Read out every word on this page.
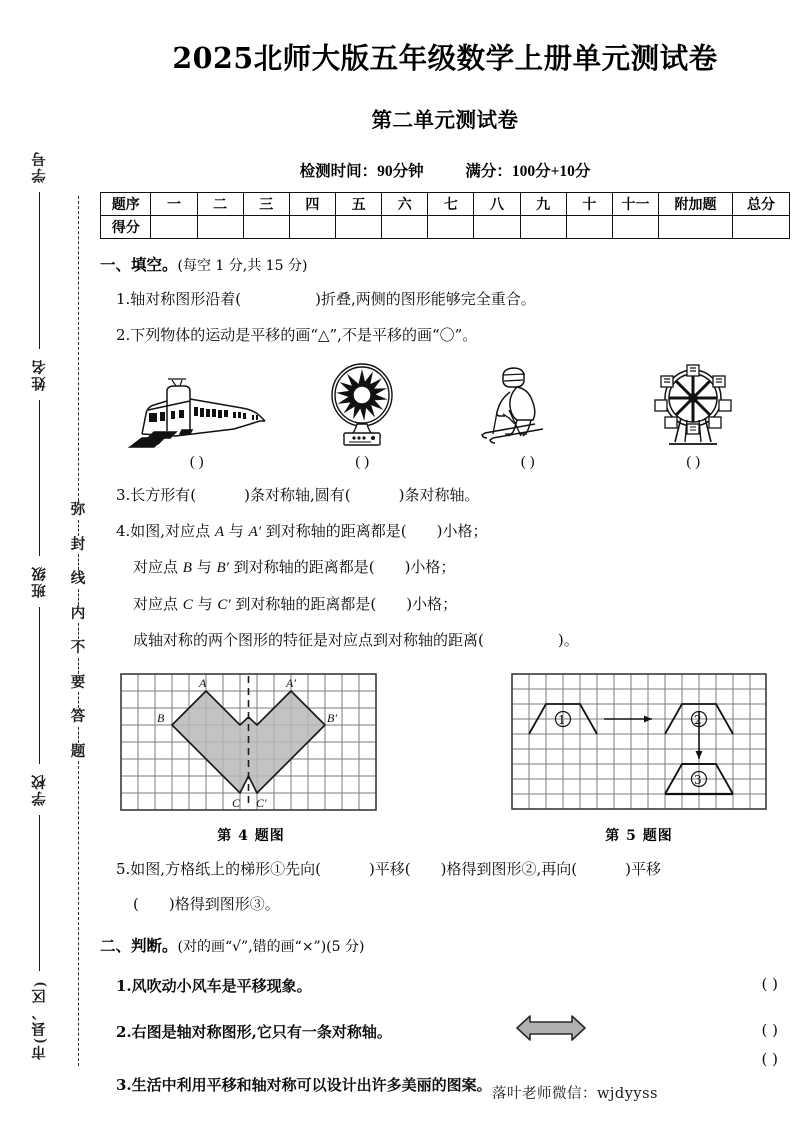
学号
姓名
班级
学校
市(县、区)
弥
封
线
内
不
要
答
题
2025北师大版五年级数学上册单元测试卷
第二单元测试卷
检测时间：90分钟	满分：100分+10分
题序	一	二	三	四	五	六	七	八	九	十	十一	附加题	总分
得分													
一、填空。(每空 1 分,共 15 分)
1.轴对称图形沿着(	)折叠,两侧的图形能够完全重合。
2.下列物体的运动是平移的画“△”,不是平移的画“〇”。
( )	( )	( )	( )
3.长方形有(	)条对称轴,圆有(	)条对称轴。
4.如图,对应点 A 与 A′ 到对称轴的距离都是( )小格；
对应点 B 与 B′ 到对称轴的距离都是( )小格；
对应点 C 与 C′ 到对称轴的距离都是( )小格；
成轴对称的两个图形的特征是对应点到对称轴的距离(	)。
A	A′
B	B′
C C′
第 4 题图
1	2
3
第 5 题图
5.如图,方格纸上的梯形①先向(	)平移( )格得到图形②,再向(	)平移
( )格得到图形③。
二、判断。(对的画“√”,错的画“×”)(5 分)
1.风吹动小风车是平移现象。	( )
2.右图是轴对称图形,它只有一条对称轴。	( )
3.生活中利用平移和轴对称可以设计出许多美丽的图案。
( )
落叶老师微信：wjdyyss
